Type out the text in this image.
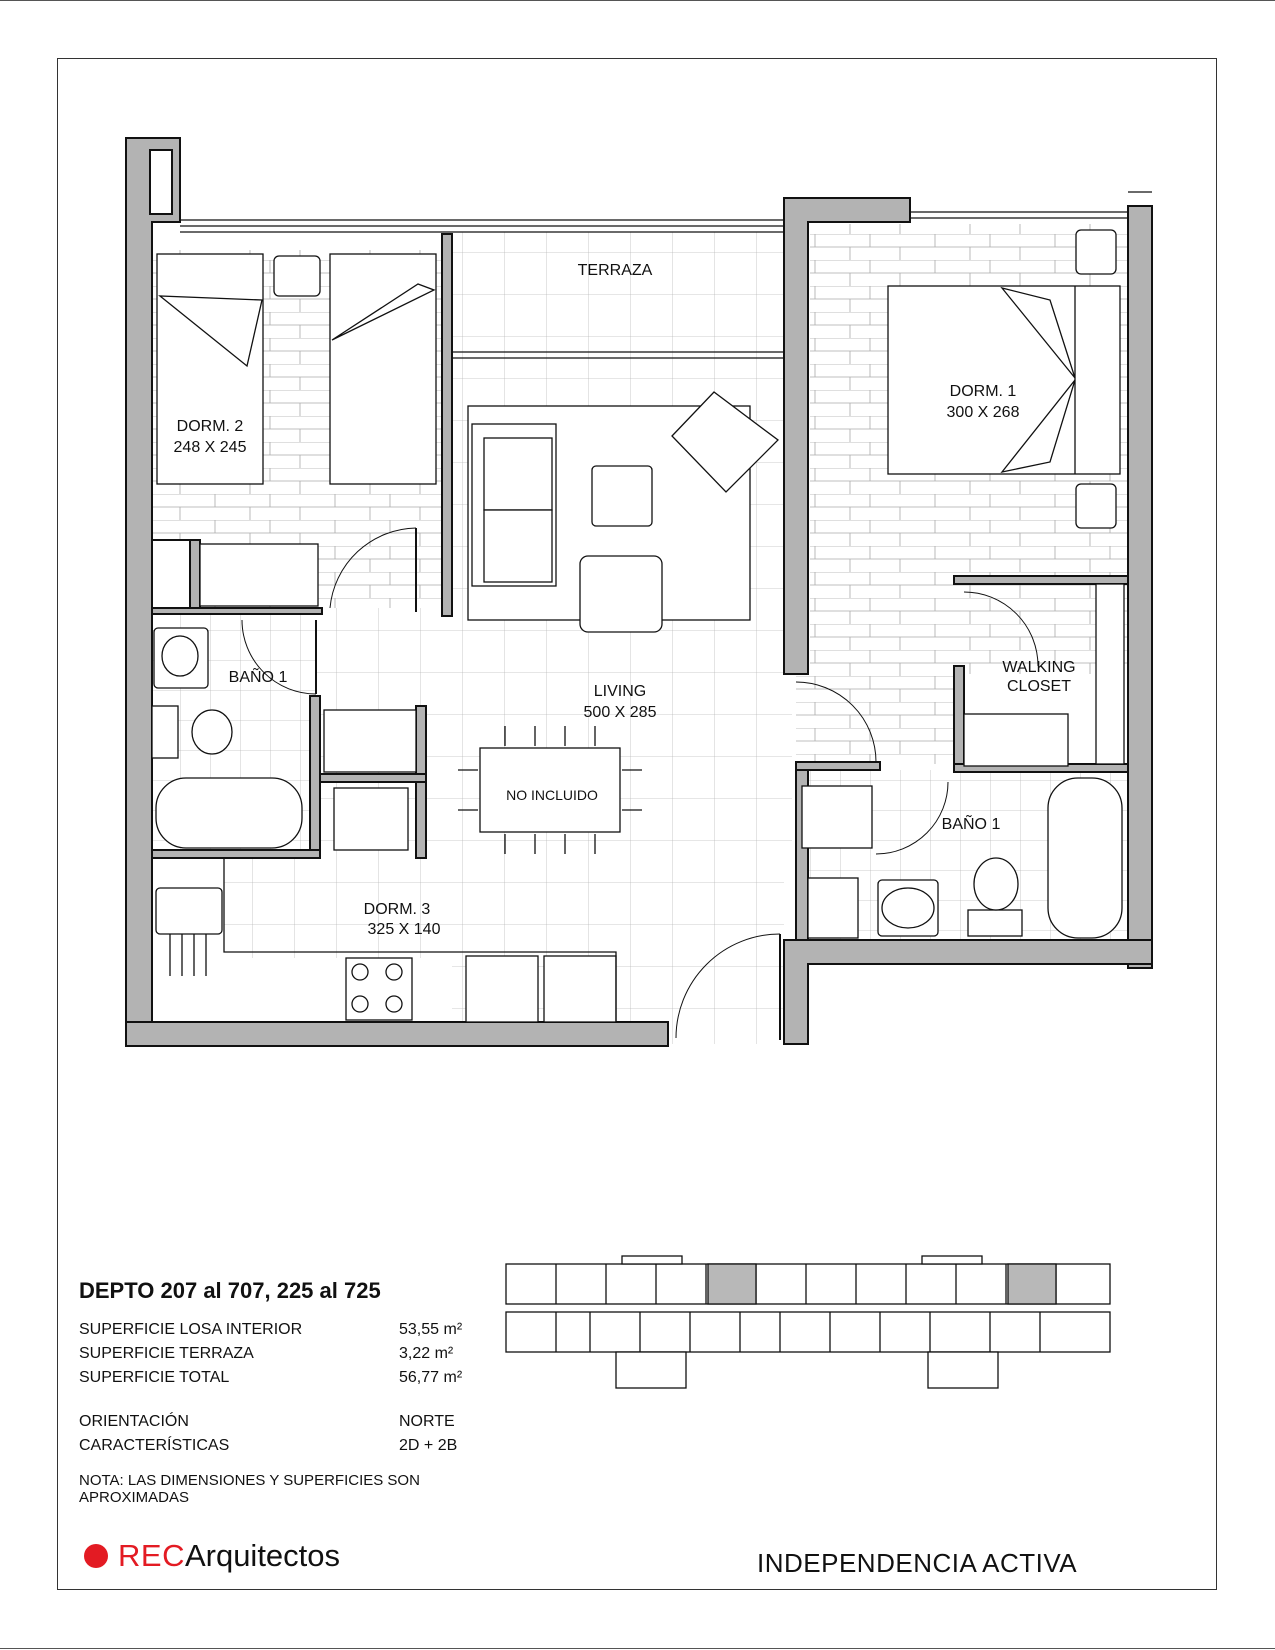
TERRAZA
DORM. 1
300 X 268
DORM. 2
248 X 245
BAÑO 1
LIVING
500 X 285
WALKING
CLOSET
NO INCLUIDO
BAÑO 1
DORM. 3
325 X 140
DEPTO 207 al 707, 225 al 725
SUPERFICIE LOSA INTERIOR	53,55 m²
SUPERFICIE TERRAZA	3,22 m²
SUPERFICIE TOTAL	56,77 m²
ORIENTACIÓN	NORTE
CARACTERÍSTICAS	2D + 2B
NOTA: LAS DIMENSIONES Y SUPERFICIES SON APROXIMADAS
REC Arquitectos	INDEPENDENCIA ACTIVA
